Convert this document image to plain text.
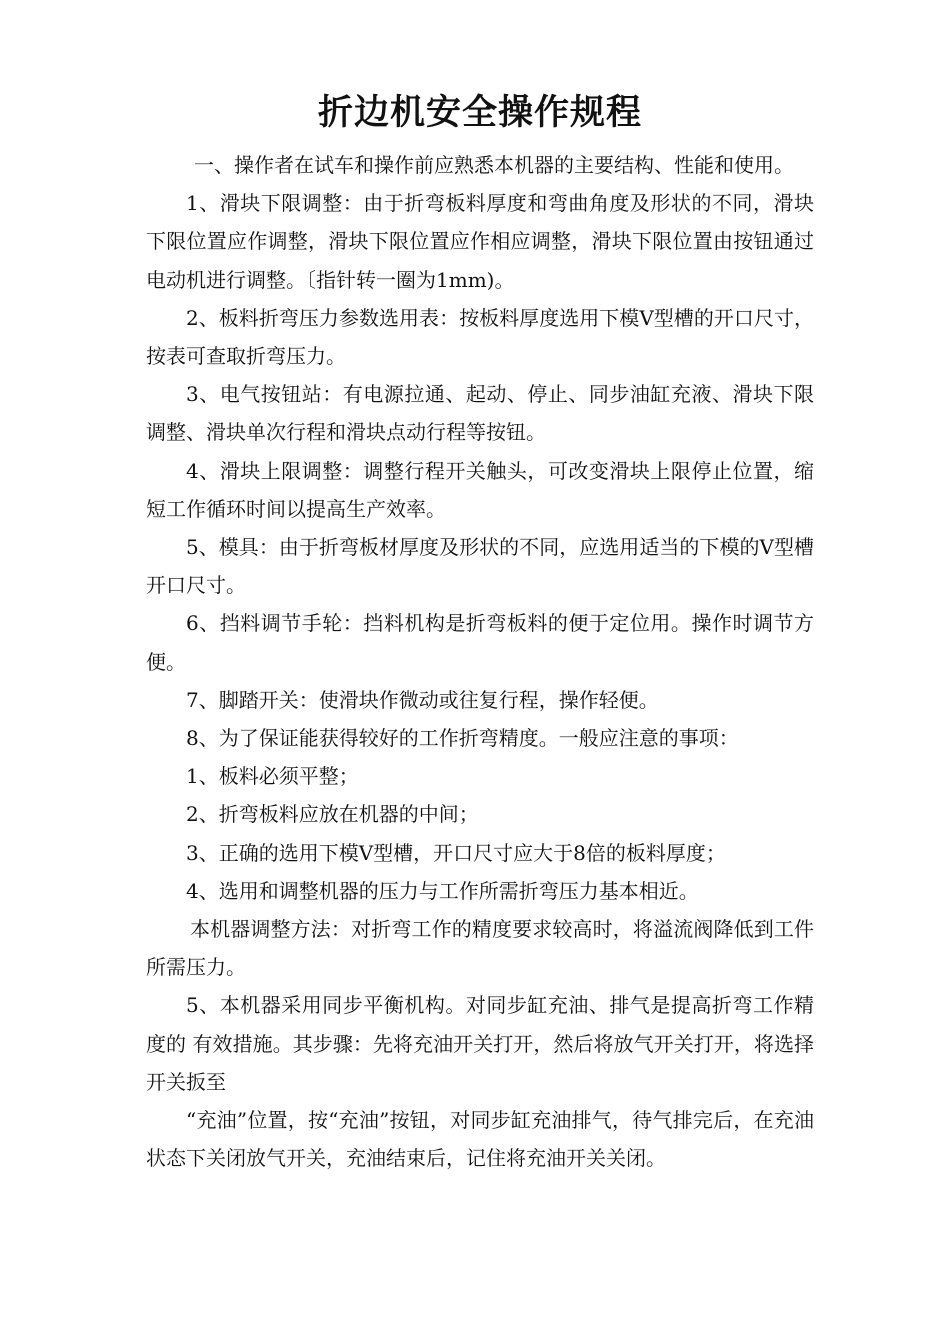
折边机安全操作规程

一、操作者在试车和操作前应熟悉本机器的主要结构、性能和使用。

1、滑块下限调整：由于折弯板料厚度和弯曲角度及形状的不同，滑块下限位置应作调整，滑块下限位置应作相应调整，滑块下限位置由按钮通过电动机进行调整。〔指针转一圈为1mm)。

2、板料折弯压力参数选用表：按板料厚度选用下模V型槽的开口尺寸，按表可查取折弯压力。

3、电气按钮站：有电源拉通、起动、停止、同步油缸充液、滑块下限调整、滑块单次行程和滑块点动行程等按钮。

4、滑块上限调整：调整行程开关触头，可改变滑块上限停止位置，缩短工作循环时间以提高生产效率。

5、模具：由于折弯板材厚度及形状的不同，应选用适当的下模的V型槽开口尺寸。

6、挡料调节手轮：挡料机构是折弯板料的便于定位用。操作时调节方便。

7、脚踏开关：使滑块作微动或往复行程，操作轻便。

8、为了保证能获得较好的工作折弯精度。一般应注意的事项：

1、板料必须平整；

2、折弯板料应放在机器的中间；

3、正确的选用下模V型槽，开口尺寸应大于8倍的板料厚度；

4、选用和调整机器的压力与工作所需折弯压力基本相近。

本机器调整方法：对折弯工作的精度要求较高时，将溢流阀降低到工件所需压力。

5、本机器采用同步平衡机构。对同步缸充油、排气是提高折弯工作精度的 有效措施。其步骤：先将充油开关打开，然后将放气开关打开，将选择开关扳至

“充油”位置，按“充油”按钮，对同步缸充油排气，待气排完后，在充油状态下关闭放气开关，充油结束后，记住将充油开关关闭。
